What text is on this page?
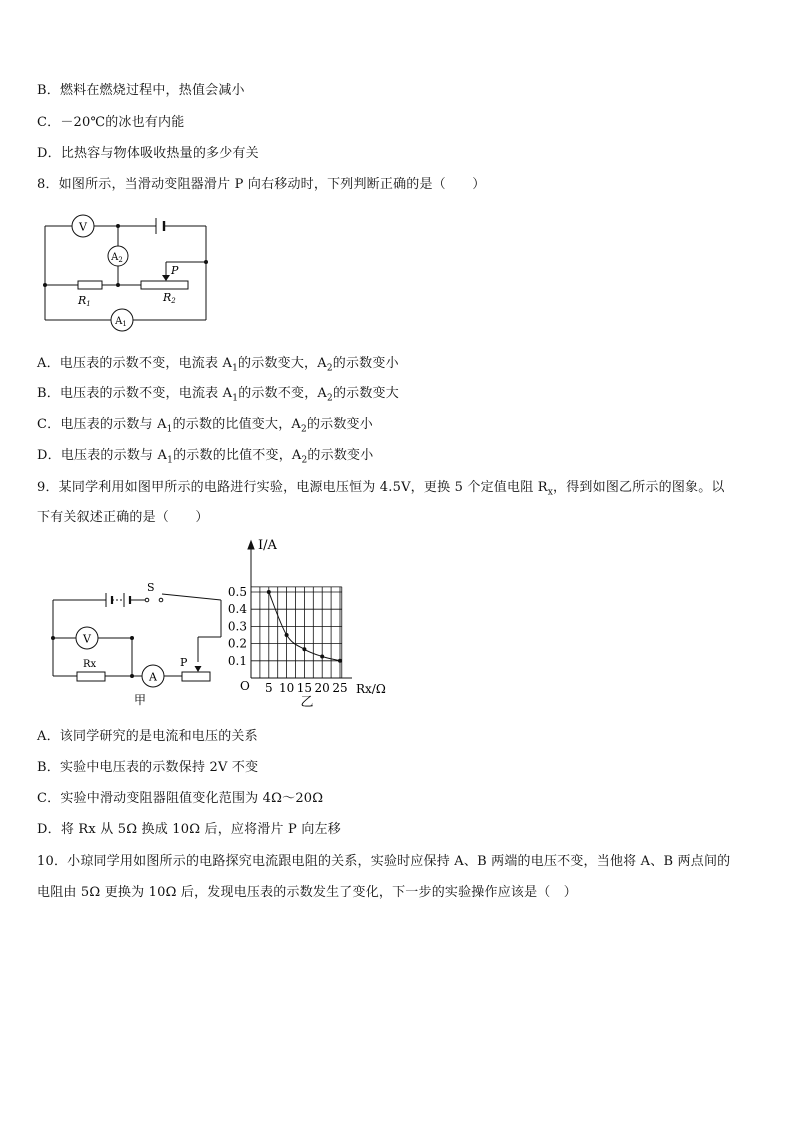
B．燃料在燃烧过程中，热值会减小
C．－20℃的冰也有内能
D．比热容与物体吸收热量的多少有关
8．如图所示，当滑动变阻器滑片 P 向右移动时，下列判断正确的是（　　）
V
$A_2$
$A_1$
P
R1	R2
A．电压表的示数不变，电流表 $A_1$的示数变大，$A_2$的示数变小
B．电压表的示数不变，电流表 $A_1$的示数不变，$A_2$的示数变大
C．电压表的示数与 $A_1$的示数的比值变大，$A_2$的示数变小
D．电压表的示数与 $A_1$的示数的比值不变，$A_2$的示数变小
9．某同学利用如图甲所示的电路进行实验，电源电压恒为 4.5V，更换 5 个定值电阻 $R_x$，得到如图乙所示的图象。以
下有关叙述正确的是（　　）
S
V
Rx
A
P
甲
5 10 15 20 25
0.1
0.2
0.3
0.4
0.5
I/A
Rx/Ω
O
乙
A．该同学研究的是电流和电压的关系
B．实验中电压表的示数保持 2V 不变
C．实验中滑动变阻器阻值变化范围为 4Ω～20Ω
D．将 Rx 从 5Ω 换成 10Ω 后，应将滑片 P 向左移
10．小琼同学用如图所示的电路探究电流跟电阻的关系，实验时应保持 A、B 两端的电压不变，当他将 A、B 两点间的
电阻由 5Ω 更换为 10Ω 后，发现电压表的示数发生了变化，下一步的实验操作应该是（　）
